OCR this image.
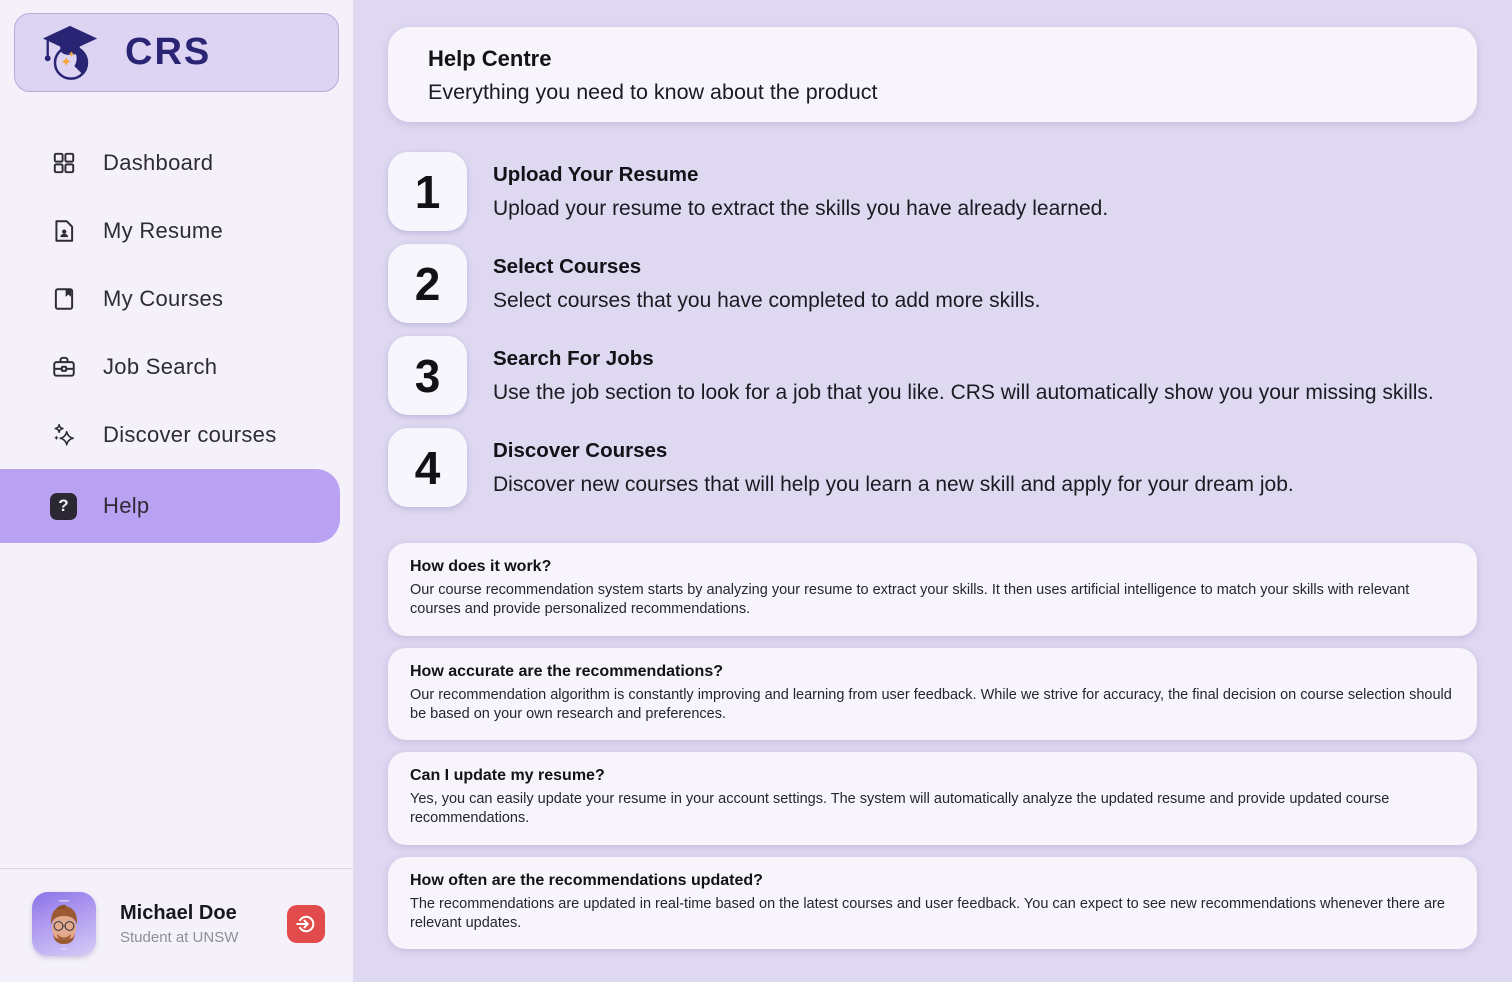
CRS
Dashboard
My Resume
My Courses
Job Search
Discover courses
?	Help
Michael Doe
Student at UNSW
Help Centre
Everything you need to know about the product
1	Upload Your Resume
Upload your resume to extract the skills you have already learned.
2	Select Courses
Select courses that you have completed to add more skills.
3	Search For Jobs
Use the job section to look for a job that you like. CRS will automatically show you your missing skills.
4	Discover Courses
Discover new courses that will help you learn a new skill and apply for your dream job.
How does it work?
Our course recommendation system starts by analyzing your resume to extract your skills. It then uses artificial intelligence to match your skills with relevant courses and provide personalized recommendations.
How accurate are the recommendations?
Our recommendation algorithm is constantly improving and learning from user feedback. While we strive for accuracy, the final decision on course selection should be based on your own research and preferences.
Can I update my resume?
Yes, you can easily update your resume in your account settings. The system will automatically analyze the updated resume and provide updated course recommendations.
How often are the recommendations updated?
The recommendations are updated in real-time based on the latest courses and user feedback. You can expect to see new recommendations whenever there are relevant updates.
